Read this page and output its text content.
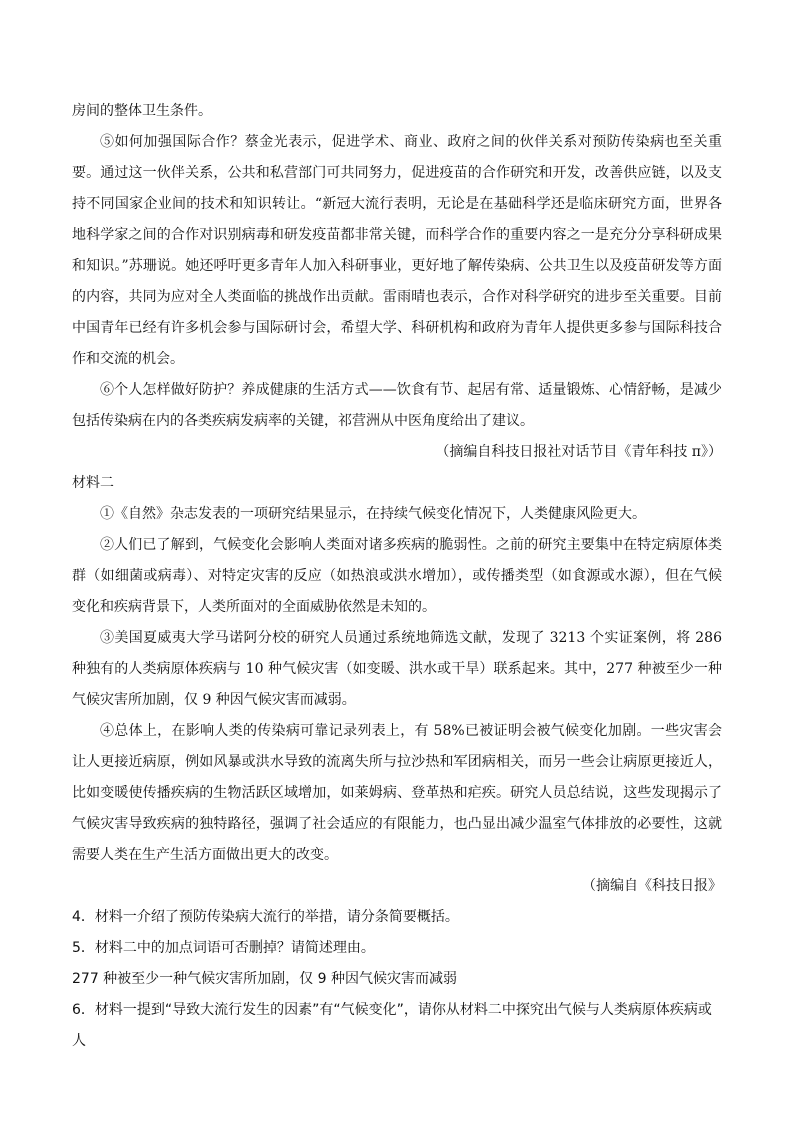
房间的整体卫生条件。

⑤如何加强国际合作？蔡金光表示，促进学术、商业、政府之间的伙伴关系对预防传染病也至关重要。通过这一伙伴关系，公共和私营部门可共同努力，促进疫苗的合作研究和开发，改善供应链，以及支持不同国家企业间的技术和知识转让。“新冠大流行表明，无论是在基础科学还是临床研究方面，世界各地科学家之间的合作对识别病毒和研发疫苗都非常关键，而科学合作的重要内容之一是充分分享科研成果和知识。”苏珊说。她还呼吁更多青年人加入科研事业，更好地了解传染病、公共卫生以及疫苗研发等方面的内容，共同为应对全人类面临的挑战作出贡献。雷雨晴也表示，合作对科学研究的进步至关重要。目前中国青年已经有许多机会参与国际研讨会，希望大学、科研机构和政府为青年人提供更多参与国际科技合作和交流的机会。

⑥个人怎样做好防护？养成健康的生活方式——饮食有节、起居有常、适量锻炼、心情舒畅，是减少包括传染病在内的各类疾病发病率的关键，祁营洲从中医角度给出了建议。

（摘编自科技日报社对话节目《青年科技 π》）

材料二

①《自然》杂志发表的一项研究结果显示，在持续气候变化情况下，人类健康风险更大。

②人们已了解到，气候变化会影响人类面对诸多疾病的脆弱性。之前的研究主要集中在特定病原体类群（如细菌或病毒）、对特定灾害的反应（如热浪或洪水增加），或传播类型（如食源或水源），但在气候变化和疾病背景下，人类所面对的全面威胁依然是未知的。

③美国夏威夷大学马诺阿分校的研究人员通过系统地筛选文献，发现了 3213 个实证案例，将 286 种独有的人类病原体疾病与 10 种气候灾害（如变暖、洪水或干旱）联系起来。其中，277 种被至少一种气候灾害所加剧，仅 9 种因气候灾害而减弱。

④总体上，在影响人类的传染病可靠记录列表上，有 58%已被证明会被气候变化加剧。一些灾害会让人更接近病原，例如风暴或洪水导致的流离失所与拉沙热和军团病相关，而另一些会让病原更接近人，比如变暖使传播疾病的生物活跃区域增加，如莱姆病、登革热和疟疾。研究人员总结说，这些发现揭示了气候灾害导致疾病的独特路径，强调了社会适应的有限能力，也凸显出减少温室气体排放的必要性，这就需要人类在生产生活方面做出更大的改变。

（摘编自《科技日报》

4．材料一介绍了预防传染病大流行的举措，请分条简要概括。

5．材料二中的加点词语可否删掉？请简述理由。

277 种被至少一种气候灾害所加剧，仅 9 种因气候灾害而减弱

6．材料一提到“导致大流行发生的因素”有“气候变化”，请你从材料二中探究出气候与人类病原体疾病或人
